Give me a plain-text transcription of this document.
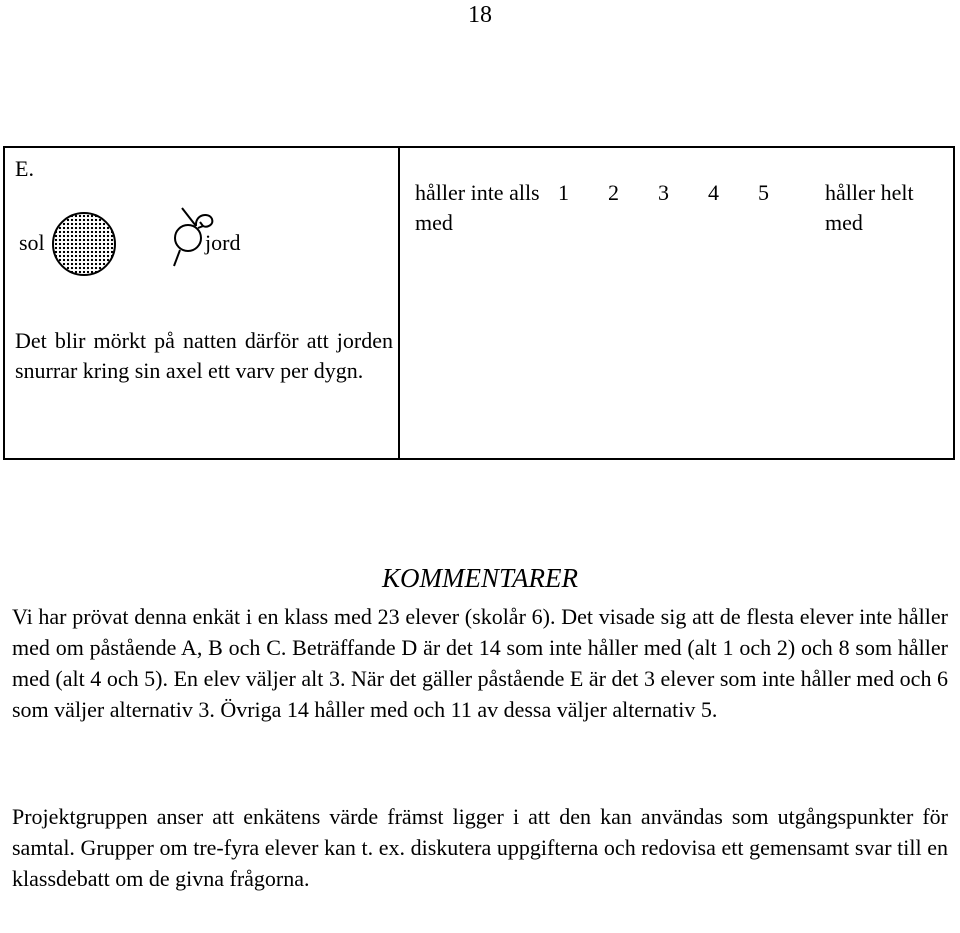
18
E.
sol	jord
Det blir mörkt på natten därför att jorden snurrar kring sin axel ett varv per dygn.
håller inte alls med
1 2 3 4 5	håller helt med
KOMMENTARER

Vi har prövat denna enkät i en klass med 23 elever (skolår 6). Det visade sig att de flesta elever inte håller med om påstående A, B och C. Beträffande D är det 14 som inte håller med (alt 1 och 2) och 8 som håller med (alt 4 och 5). En elev väljer alt 3. När det gäller påstående E är det 3 elever som inte håller med och 6 som väljer alternativ 3. Övriga 14 håller med och 11 av dessa väljer alternativ 5.

Projektgruppen anser att enkätens värde främst ligger i att den kan användas som utgångspunkter för samtal. Grupper om tre-fyra elever kan t. ex. diskutera uppgifterna och redovisa ett gemensamt svar till en klassdebatt om de givna frågorna.
